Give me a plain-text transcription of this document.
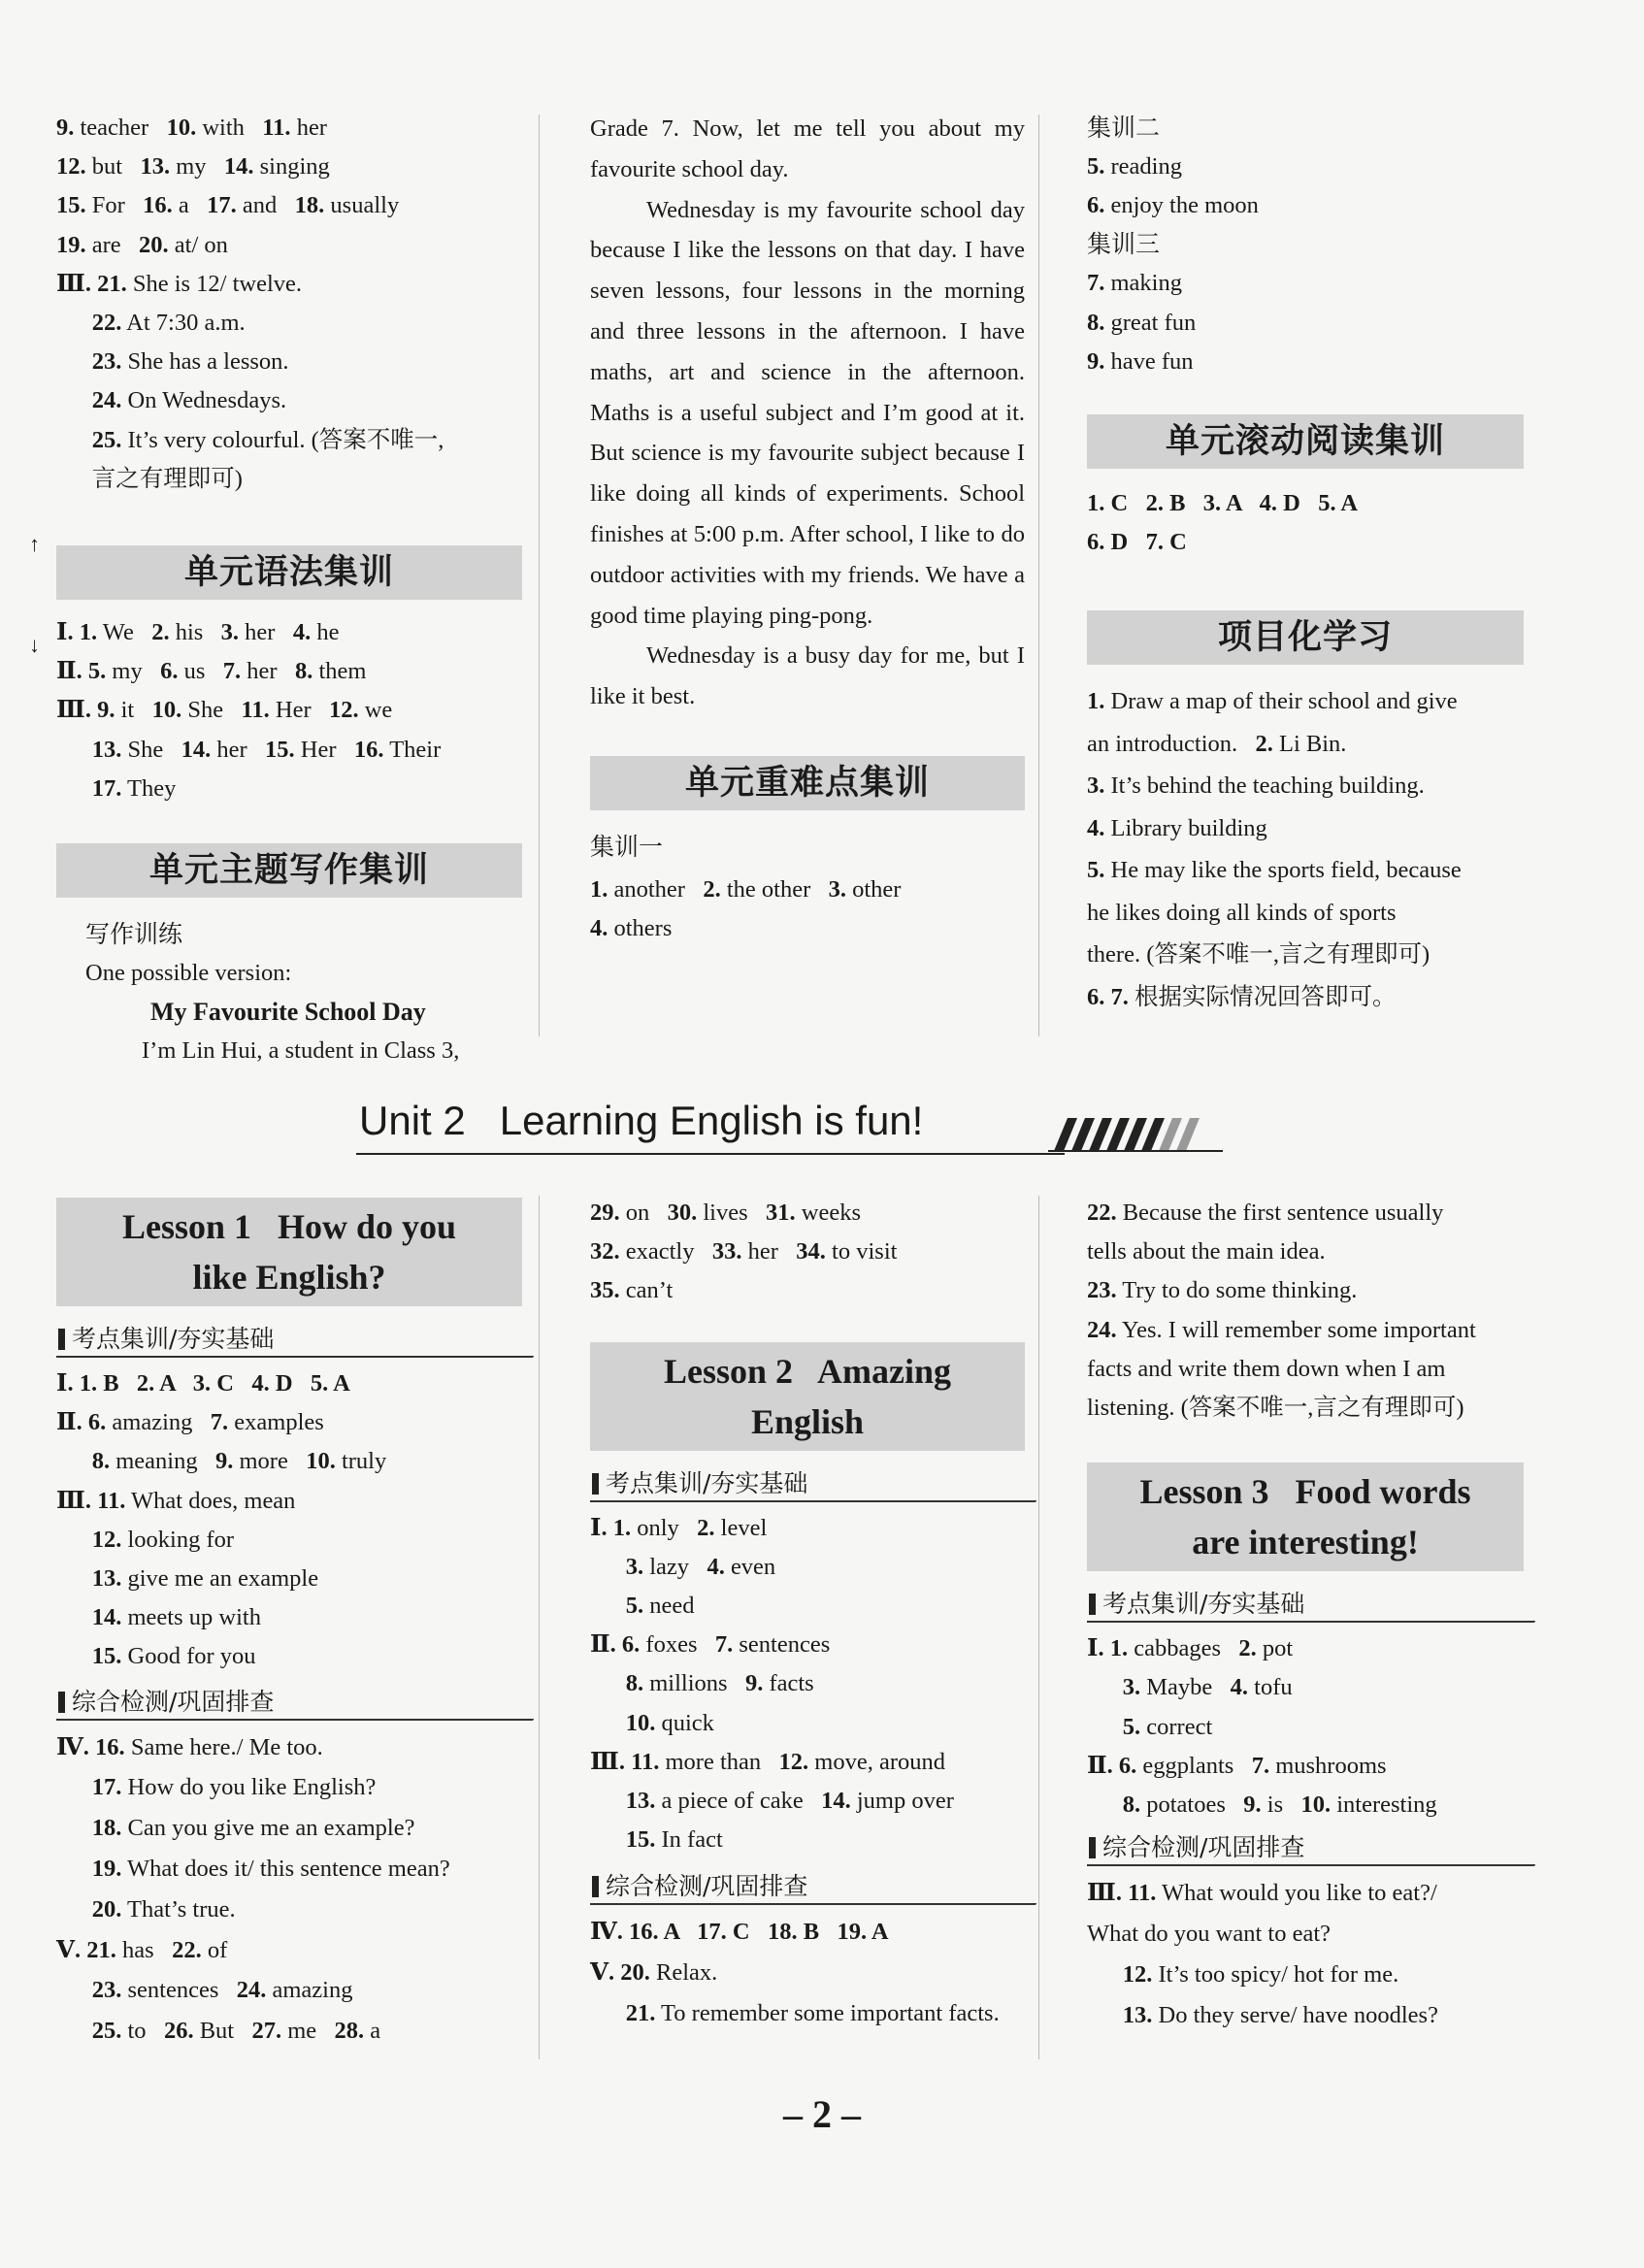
↑
↓
9. teacher   10. with   11. her
12. but   13. my   14. singing
15. For   16. a   17. and   18. usually
19. are   20. at/ on
Ⅲ. 21. She is 12/ twelve.
22. At 7:30 a.m.
23. She has a lesson.
24. On Wednesdays.
25. It’s very colourful. (答案不唯一,
言之有理即可)
单元语法集训
Ⅰ. 1. We   2. his   3. her   4. he
Ⅱ. 5. my   6. us   7. her   8. them
Ⅲ. 9. it   10. She   11. Her   12. we
13. She   14. her   15. Her   16. Their
17. They
单元主题写作集训
写作训练
One possible version:
My Favourite School Day
I’m Lin Hui, a student in Class 3,
Grade 7. Now, let me tell you about my favourite school day.
Wednesday is my favourite school day because I like the lessons on that day. I have seven lessons, four lessons in the morning and three lessons in the afternoon. I have maths, art and science in the afternoon. Maths is a useful subject and I’m good at it. But science is my favourite subject because I like doing all kinds of experiments. School finishes at 5:00 p.m. After school, I like to do outdoor activities with my friends. We have a good time playing ping-pong.
Wednesday is a busy day for me, but I like it best.
单元重难点集训
集训一
1. another   2. the other   3. other
4. others
集训二
5. reading
6. enjoy the moon
集训三
7. making
8. great fun
9. have fun
单元滚动阅读集训
1. C   2. B   3. A   4. D   5. A
6. D   7. C
项目化学习
1. Draw a map of their school and give
an introduction.   2. Li Bin.
3. It’s behind the teaching building.
4. Library building
5. He may like the sports field, because
he likes doing all kinds of sports
there. (答案不唯一,言之有理即可)
6. 7. 根据实际情况回答即可。
Unit 2   Learning English is fun!
Lesson 1   How do you
like English?
考点集训/夯实基础
Ⅰ. 1. B   2. A   3. C   4. D   5. A
Ⅱ. 6. amazing   7. examples
8. meaning   9. more   10. truly
Ⅲ. 11. What does, mean
12. looking for
13. give me an example
14. meets up with
15. Good for you
综合检测/巩固排查
Ⅳ. 16. Same here./ Me too.
17. How do you like English?
18. Can you give me an example?
19. What does it/ this sentence mean?
20. That’s true.
Ⅴ. 21. has   22. of
23. sentences   24. amazing
25. to   26. But   27. me   28. a
29. on   30. lives   31. weeks
32. exactly   33. her   34. to visit
35. can’t
Lesson 2   Amazing
English
考点集训/夯实基础
Ⅰ. 1. only   2. level
3. lazy   4. even
5. need
Ⅱ. 6. foxes   7. sentences
8. millions   9. facts
10. quick
Ⅲ. 11. more than   12. move, around
13. a piece of cake   14. jump over
15. In fact
综合检测/巩固排查
Ⅳ. 16. A   17. C   18. B   19. A
Ⅴ. 20. Relax.
21. To remember some important facts.
22. Because the first sentence usually
tells about the main idea.
23. Try to do some thinking.
24. Yes. I will remember some important
facts and write them down when I am
listening. (答案不唯一,言之有理即可)
Lesson 3   Food words
are interesting!
考点集训/夯实基础
Ⅰ. 1. cabbages   2. pot
3. Maybe   4. tofu
5. correct
Ⅱ. 6. eggplants   7. mushrooms
8. potatoes   9. is   10. interesting
综合检测/巩固排查
Ⅲ. 11. What would you like to eat?/
What do you want to eat?
12. It’s too spicy/ hot for me.
13. Do they serve/ have noodles?
– 2 –
